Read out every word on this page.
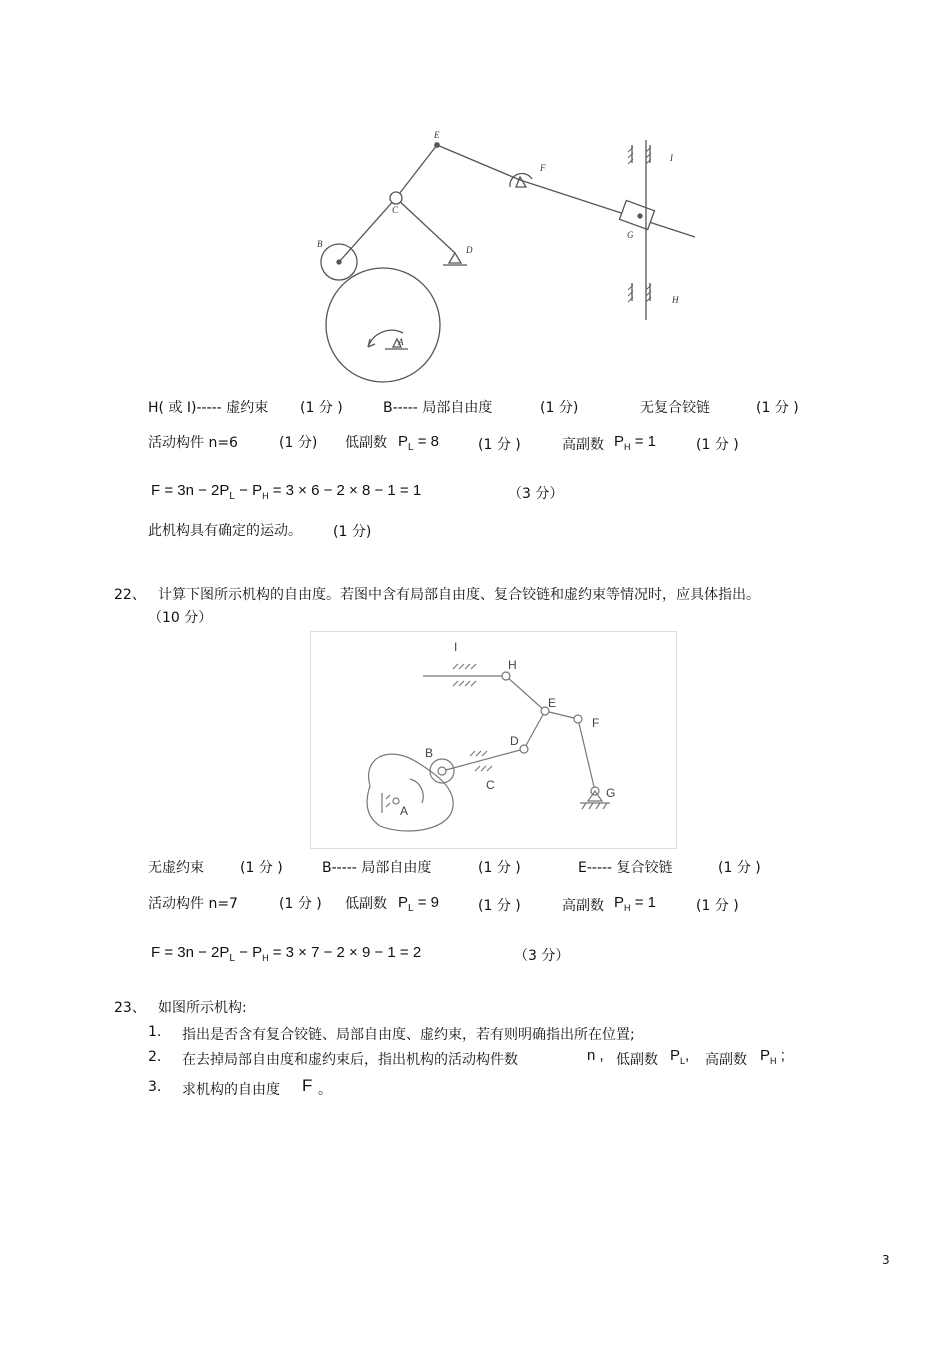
A
B
C
D
E
F
G
H
I
H( 或 I)----- 虚约束 (1 分 )	B----- 局部自由度	(1 分)	无复合铰链	(1 分 )
活动构件 n=6	(1 分) 低副数 $P_L = 8$	(1 分 )	高副数 $P_H = 1$	(1 分 )
$F = 3n - 2P_L - P_H = 3 \times 6 - 2 \times 8 - 1 = 1$	（3 分）
此机构具有确定的运动。 (1 分)
22、 计算下图所示机构的自由度。若图中含有局部自由度、复合铰链和虚约束等情况时，应具体指出。
（10 分）
I
H
E
F
D
B
C
G
A
无虚约束	(1 分 )	B----- 局部自由度	(1 分 )	E----- 复合铰链	(1 分 )
活动构件 n=7	(1 分 ) 低副数 $P_L = 9$	(1 分 )	高副数 $P_H = 1$	(1 分 )
$F = 3n - 2P_L - P_H = 3 \times 7 - 2 \times 9 - 1 = 2$	（3 分）
23、 如图所示机构:
1. 指出是否含有复合铰链、局部自由度、虚约束，若有则明确指出所在位置;
2. 在去掉局部自由度和虚约束后，指出机构的活动构件数	n , 低副数 $P_L$, 高副数 $P_H$ ;
3. 求机构的自由度 F 。
3
